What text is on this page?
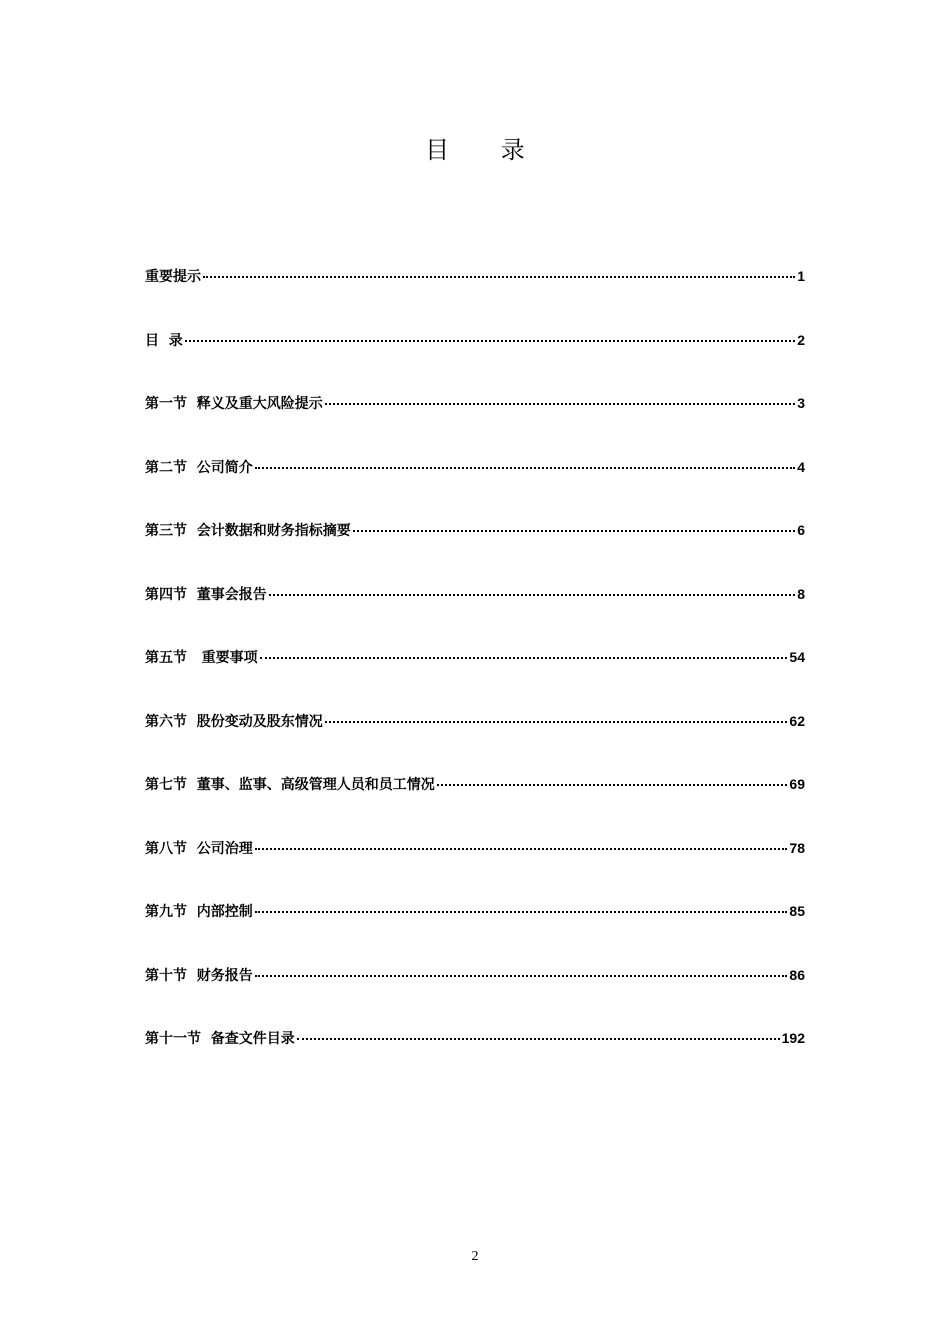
目 录
重要提示	1
目  录	2
第一节  释义及重大风险提示	3
第二节  公司简介	4
第三节  会计数据和财务指标摘要	6
第四节  董事会报告	8
第五节   重要事项	54
第六节  股份变动及股东情况	62
第七节  董事、监事、高级管理人员和员工情况	69
第八节  公司治理	78
第九节  内部控制	85
第十节  财务报告	86
第十一节  备查文件目录	192
2
